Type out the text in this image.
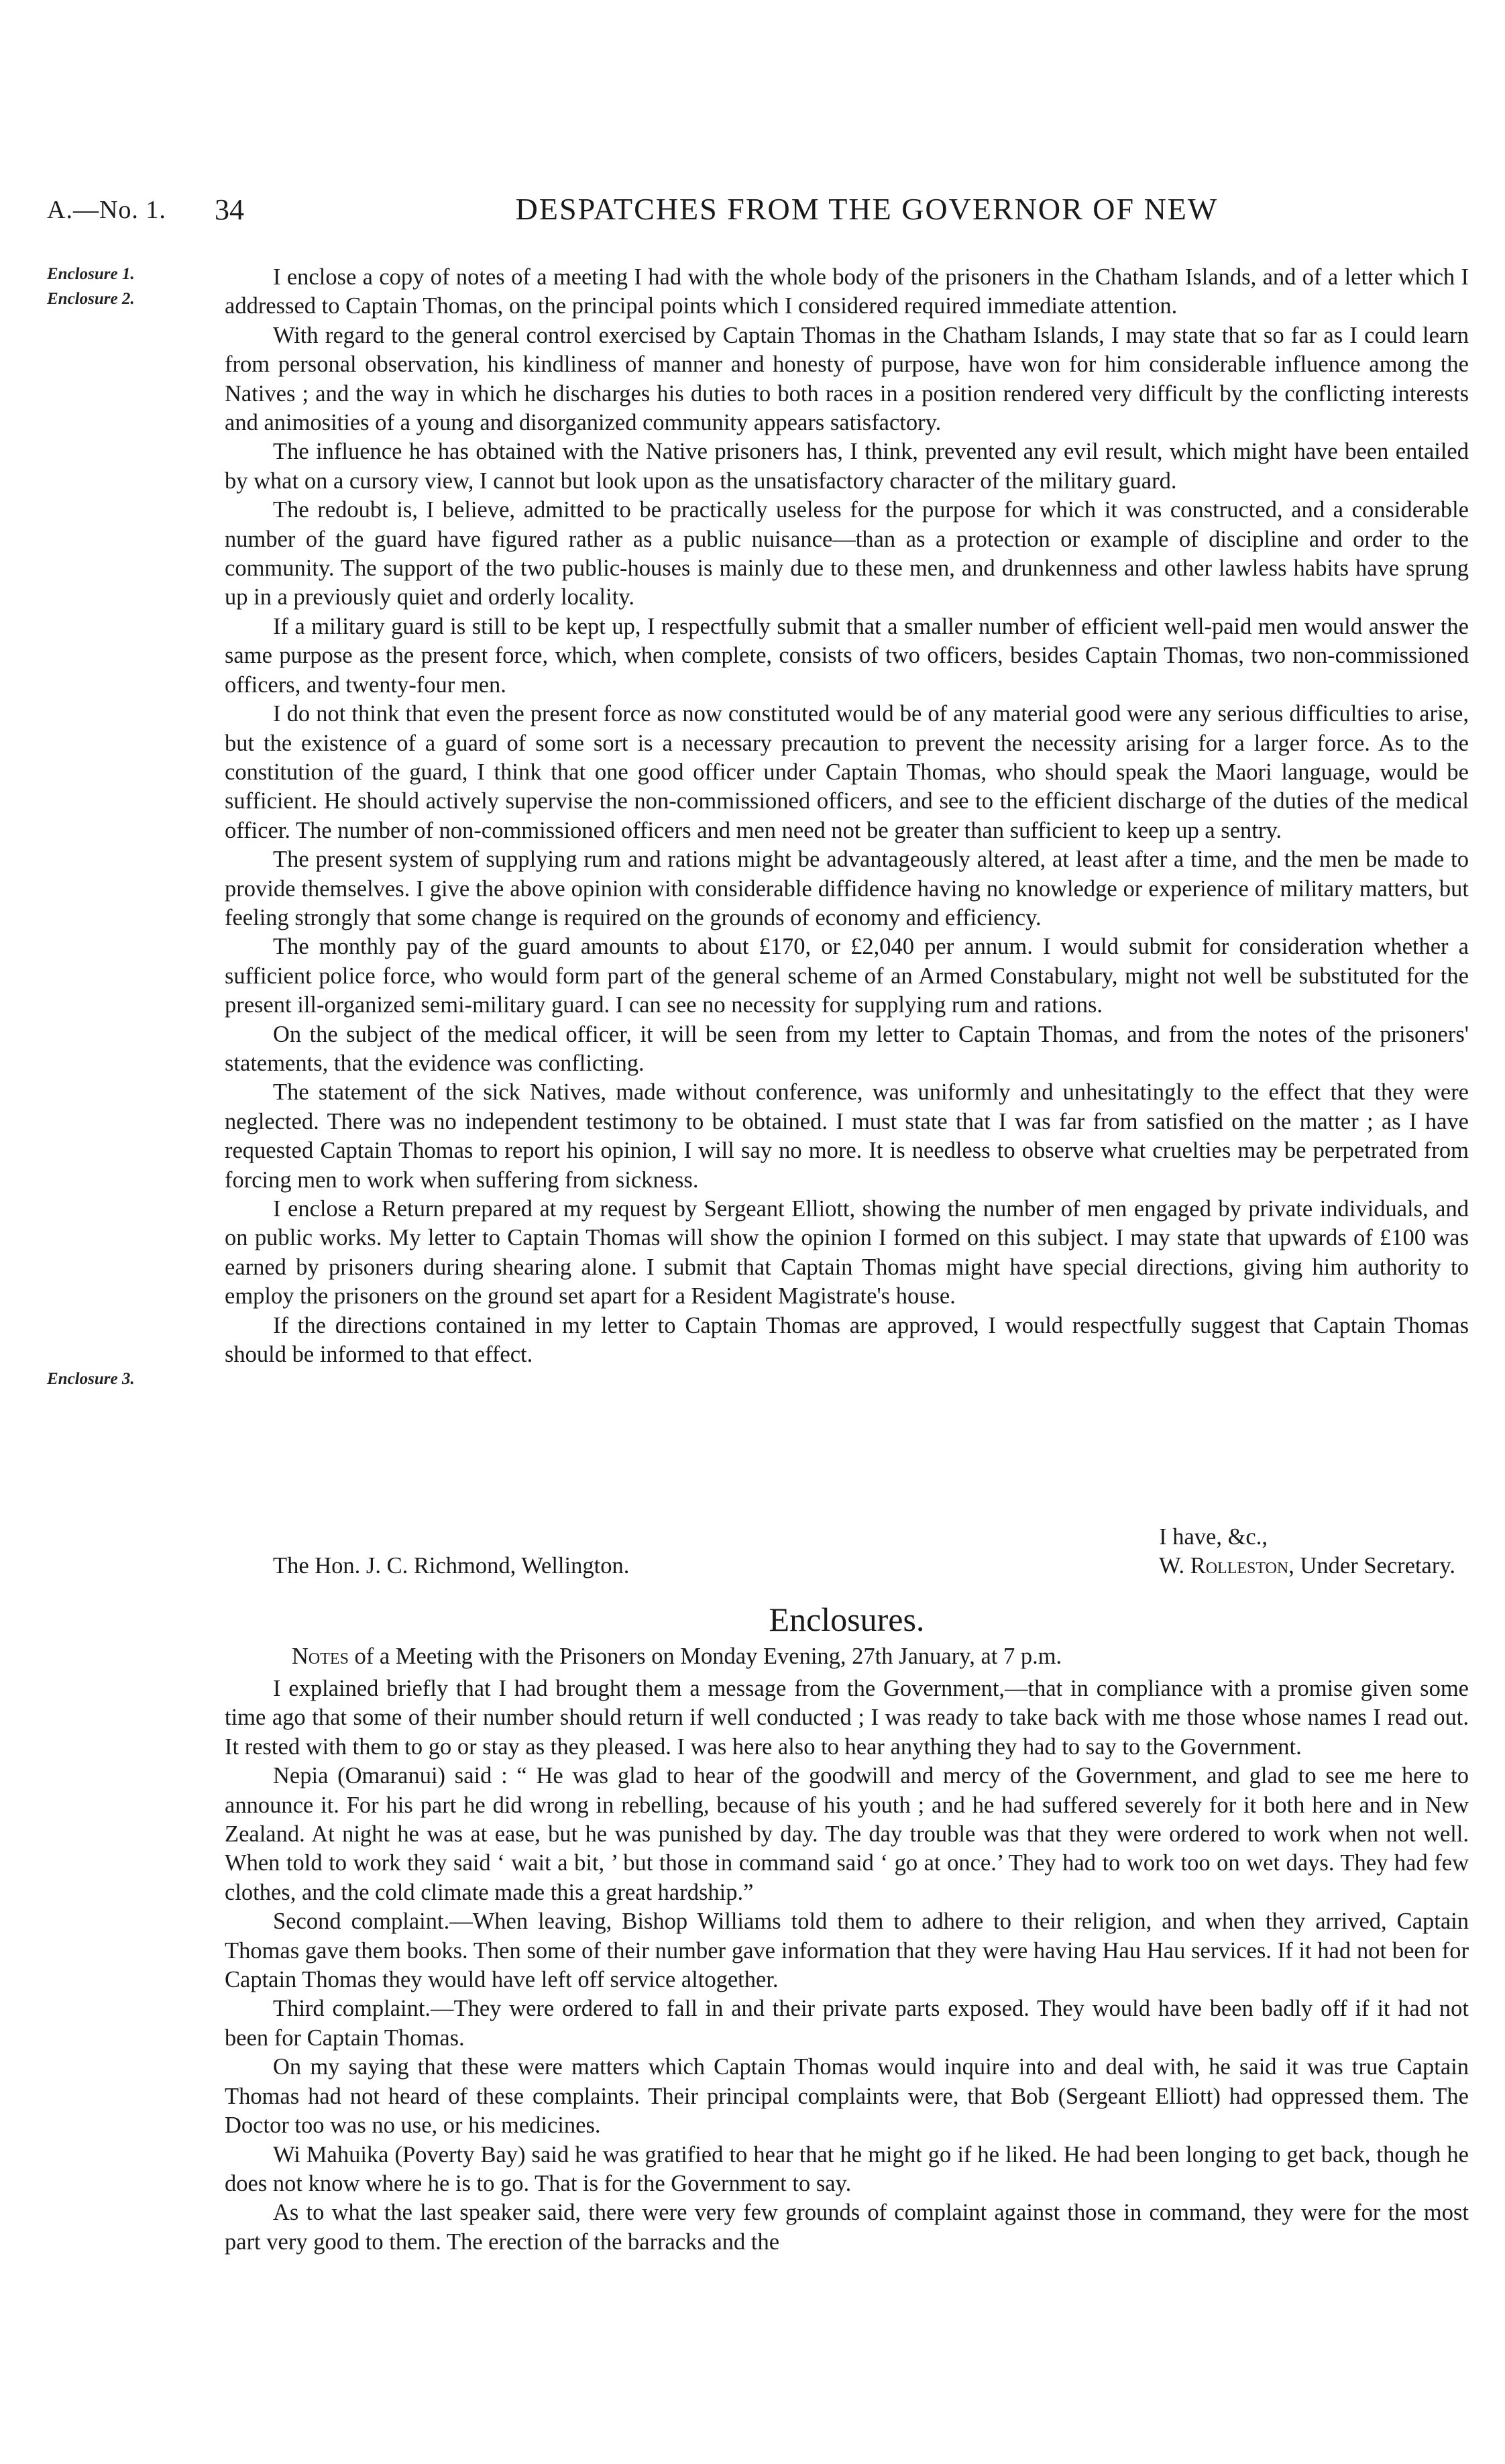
A.—No. 1. 34	DESPATCHES FROM THE GOVERNOR OF NEW
Enclosure 1.
Enclosure 2.
Enclosure 3.

I enclose a copy of notes of a meeting I had with the whole body of the prisoners in the Chatham Islands, and of a letter which I addressed to Captain Thomas, on the principal points which I considered required immediate attention.

With regard to the general control exercised by Captain Thomas in the Chatham Islands, I may state that so far as I could learn from personal observation, his kindliness of manner and honesty of purpose, have won for him considerable influence among the Natives ; and the way in which he discharges his duties to both races in a position rendered very difficult by the conflicting interests and animosities of a young and disorganized community appears satisfactory.

The influence he has obtained with the Native prisoners has, I think, prevented any evil result, which might have been entailed by what on a cursory view, I cannot but look upon as the unsatisfactory character of the military guard.

The redoubt is, I believe, admitted to be practically useless for the purpose for which it was constructed, and a considerable number of the guard have figured rather as a public nuisance—than as a protection or example of discipline and order to the community. The support of the two public-houses is mainly due to these men, and drunkenness and other lawless habits have sprung up in a previously quiet and orderly locality.

If a military guard is still to be kept up, I respectfully submit that a smaller number of efficient well-paid men would answer the same purpose as the present force, which, when complete, consists of two officers, besides Captain Thomas, two non-commissioned officers, and twenty-four men.

I do not think that even the present force as now constituted would be of any material good were any serious difficulties to arise, but the existence of a guard of some sort is a necessary precaution to prevent the necessity arising for a larger force. As to the constitution of the guard, I think that one good officer under Captain Thomas, who should speak the Maori language, would be sufficient. He should actively supervise the non-commissioned officers, and see to the efficient discharge of the duties of the medical officer. The number of non-commissioned officers and men need not be greater than sufficient to keep up a sentry.

The present system of supplying rum and rations might be advantageously altered, at least after a time, and the men be made to provide themselves. I give the above opinion with considerable diffidence having no knowledge or experience of military matters, but feeling strongly that some change is required on the grounds of economy and efficiency.

The monthly pay of the guard amounts to about £170, or £2,040 per annum. I would submit for consideration whether a sufficient police force, who would form part of the general scheme of an Armed Constabulary, might not well be substituted for the present ill-organized semi-military guard. I can see no necessity for supplying rum and rations.

On the subject of the medical officer, it will be seen from my letter to Captain Thomas, and from the notes of the prisoners' statements, that the evidence was conflicting.

The statement of the sick Natives, made without conference, was uniformly and unhesitatingly to the effect that they were neglected. There was no independent testimony to be obtained. I must state that I was far from satisfied on the matter ; as I have requested Captain Thomas to report his opinion, I will say no more. It is needless to observe what cruelties may be perpetrated from forcing men to work when suffering from sickness.

I enclose a Return prepared at my request by Sergeant Elliott, showing the number of men engaged by private individuals, and on public works. My letter to Captain Thomas will show the opinion I formed on this subject. I may state that upwards of £100 was earned by prisoners during shearing alone. I submit that Captain Thomas might have special directions, giving him authority to employ the prisoners on the ground set apart for a Resident Magistrate's house.

If the directions contained in my letter to Captain Thomas are approved, I would respectfully suggest that Captain Thomas should be informed to that effect.

I have, &c.,
The Hon. J. C. Richmond, Wellington.	W. Rolleston, Under Secretary.
Enclosures.
Notes of a Meeting with the Prisoners on Monday Evening, 27th January, at 7 p.m.

I explained briefly that I had brought them a message from the Government,—that in compliance with a promise given some time ago that some of their number should return if well conducted ; I was ready to take back with me those whose names I read out. It rested with them to go or stay as they pleased. I was here also to hear anything they had to say to the Government.

Nepia (Omaranui) said : “ He was glad to hear of the goodwill and mercy of the Government, and glad to see me here to announce it. For his part he did wrong in rebelling, because of his youth ; and he had suffered severely for it both here and in New Zealand. At night he was at ease, but he was punished by day. The day trouble was that they were ordered to work when not well. When told to work they said ‘ wait a bit, ’ but those in command said ‘ go at once.’ They had to work too on wet days. They had few clothes, and the cold climate made this a great hardship.”

Second complaint.—When leaving, Bishop Williams told them to adhere to their religion, and when they arrived, Captain Thomas gave them books. Then some of their number gave information that they were having Hau Hau services. If it had not been for Captain Thomas they would have left off service altogether.

Third complaint.—They were ordered to fall in and their private parts exposed. They would have been badly off if it had not been for Captain Thomas.

On my saying that these were matters which Captain Thomas would inquire into and deal with, he said it was true Captain Thomas had not heard of these complaints. Their principal complaints were, that Bob (Sergeant Elliott) had oppressed them. The Doctor too was no use, or his medicines.

Wi Mahuika (Poverty Bay) said he was gratified to hear that he might go if he liked. He had been longing to get back, though he does not know where he is to go. That is for the Government to say.

As to what the last speaker said, there were very few grounds of complaint against those in command, they were for the most part very good to them. The erection of the barracks and the
